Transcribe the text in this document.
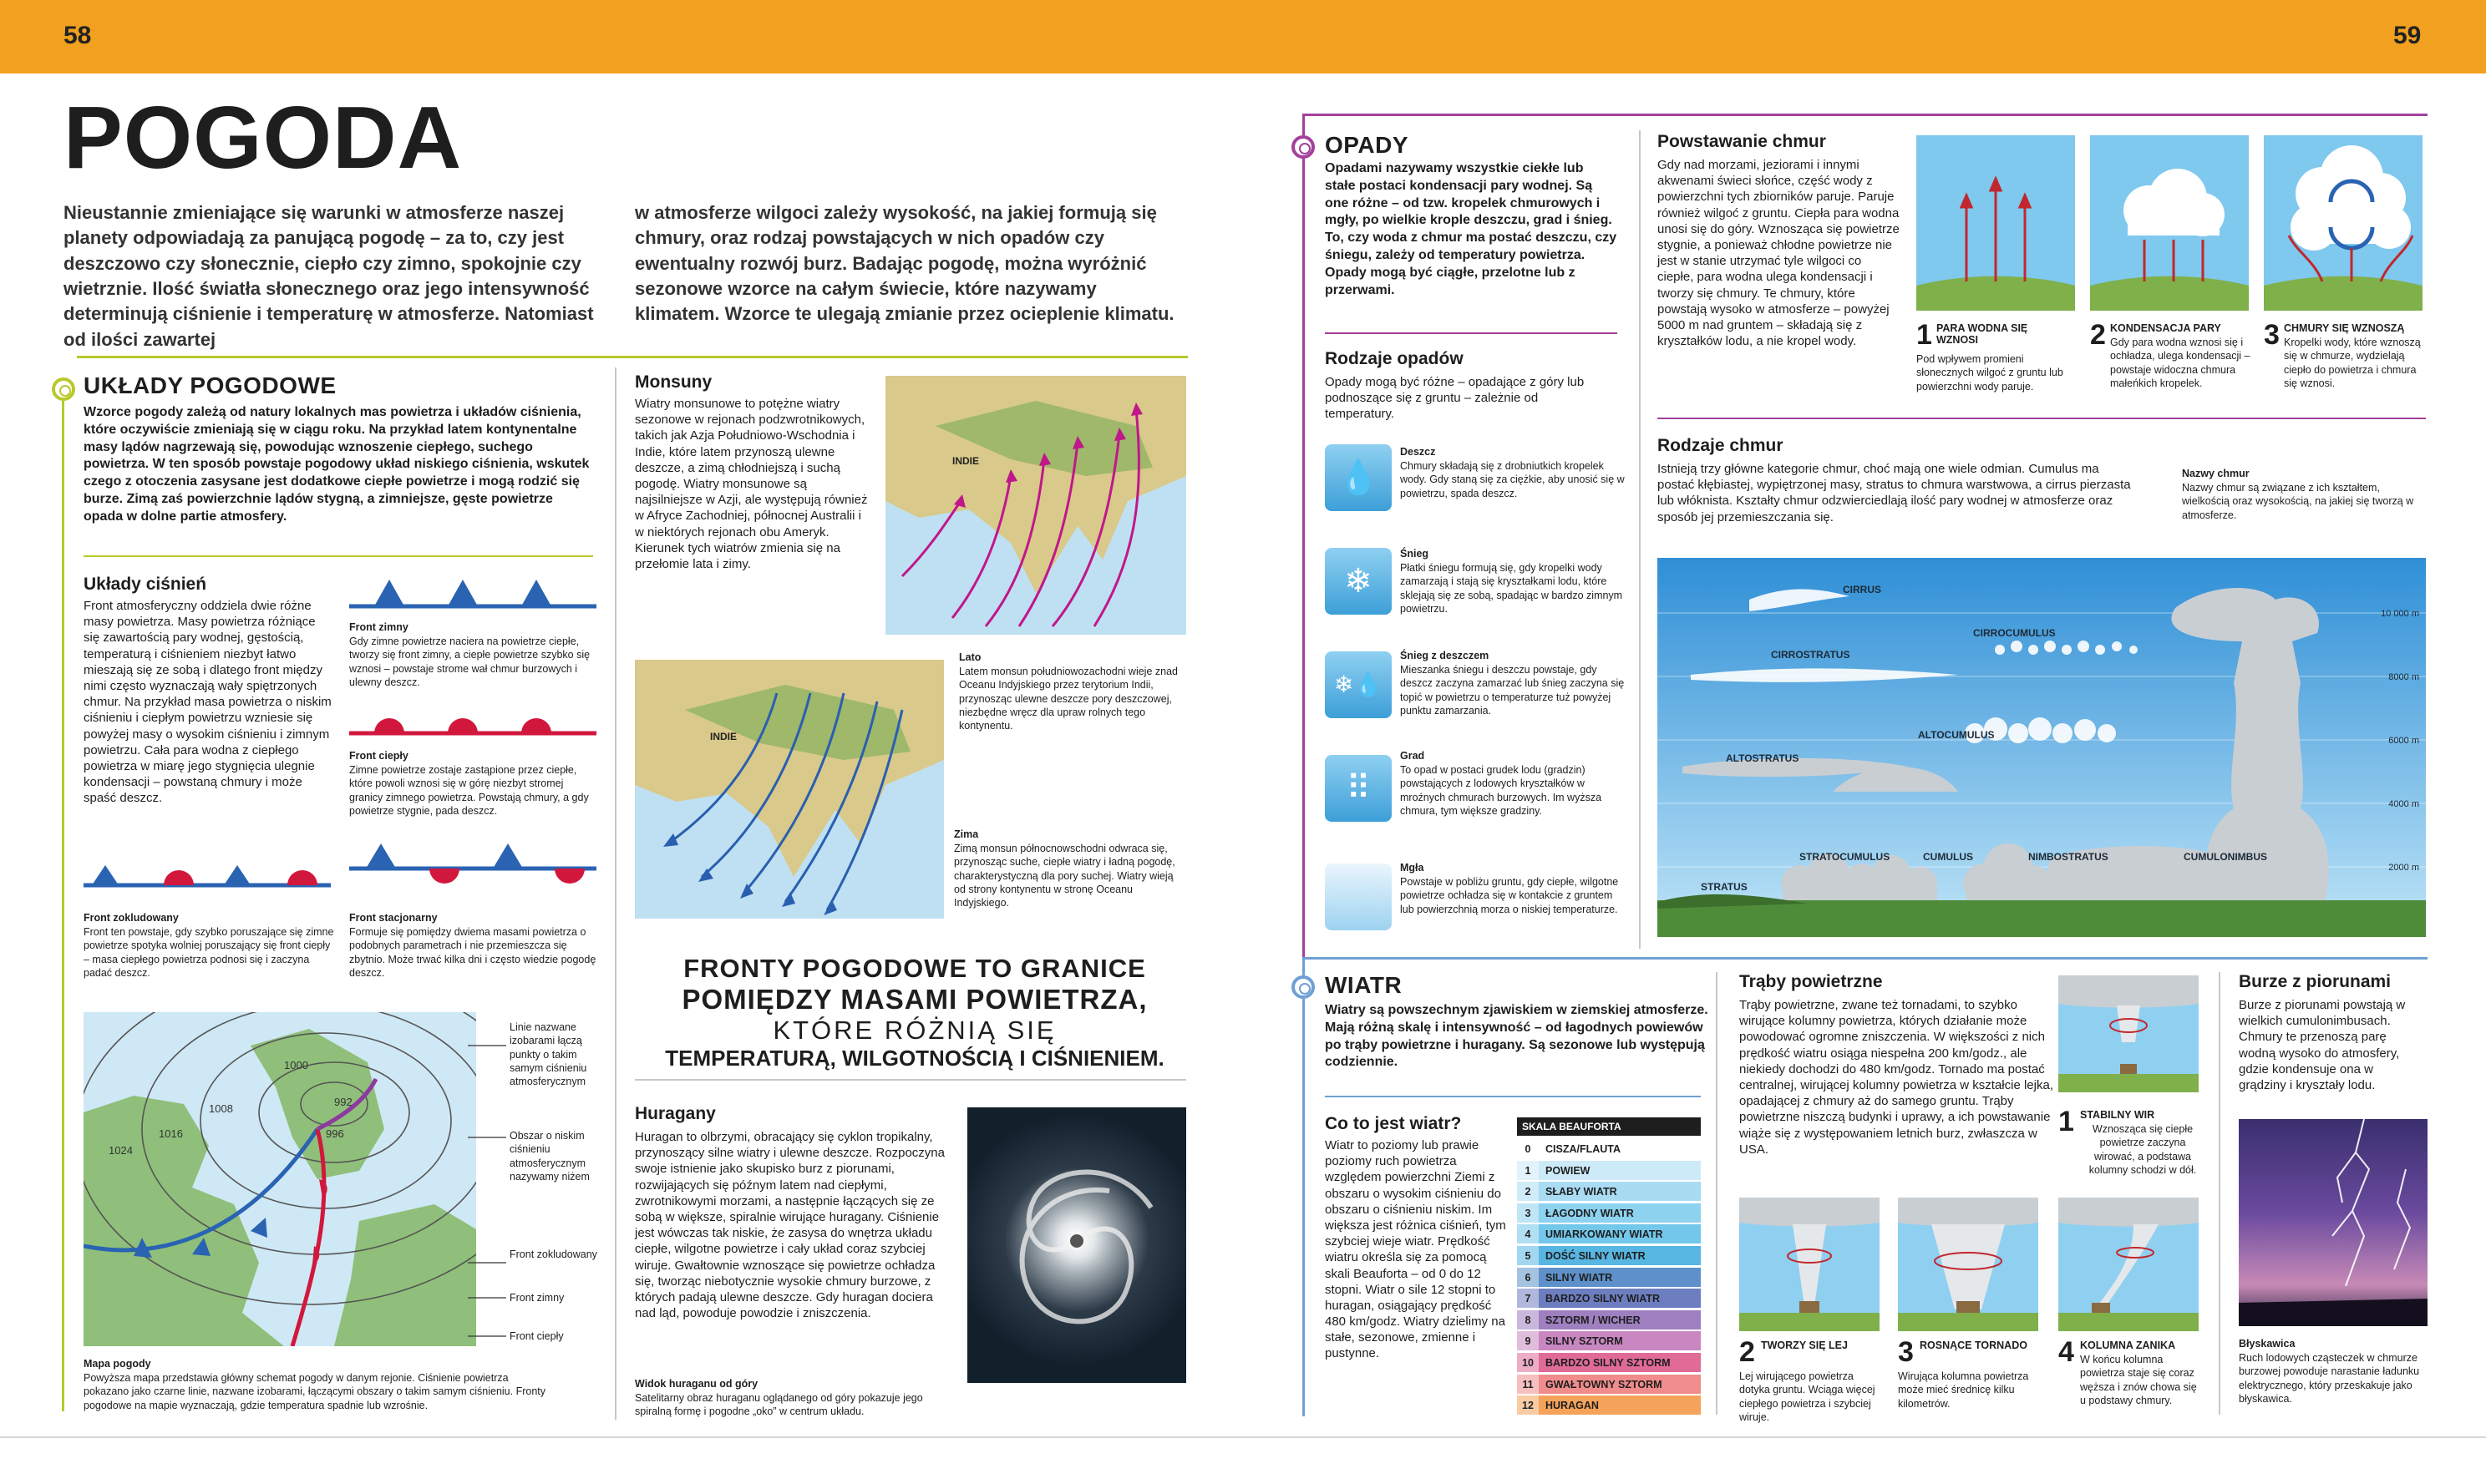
58	59
POGODA
Nieustannie zmieniające się warunki w atmosferze naszej planety odpowiadają za panującą pogodę – za to, czy jest deszczowo czy słonecznie, ciepło czy zimno, spokojnie czy wietrznie. Ilość światła słonecznego oraz jego intensywność determinują ciśnienie i temperaturę w atmosferze. Natomiast od ilości zawartej
w atmosferze wilgoci zależy wysokość, na jakiej formują się chmury, oraz rodzaj powstających w nich opadów czy ewentualny rozwój burz. Badając pogodę, można wyróżnić sezonowe wzorce na całym świecie, które nazywamy klimatem. Wzorce te ulegają zmianie przez ocieplenie klimatu.
UKŁADY POGODOWE
Wzorce pogody zależą od natury lokalnych mas powietrza i układów ciśnienia, które oczywiście zmieniają się w ciągu roku. Na przykład latem kontynentalne masy lądów nagrzewają się, powodując wznoszenie ciepłego, suchego powietrza. W ten sposób powstaje pogodowy układ niskiego ciśnienia, wskutek czego z otoczenia zasysane jest dodatkowe ciepłe powietrze i mogą rodzić się burze. Zimą zaś powierzchnie lądów stygną, a zimniejsze, gęste powietrze opada w dolne partie atmosfery.
Układy ciśnień
Front atmosferyczny oddziela dwie różne masy powietrza. Masy powietrza różniące się zawartością pary wodnej, gęstością, temperaturą i ciśnieniem niezbyt łatwo mieszają się ze sobą i dlatego front między nimi często wyznaczają wały spiętrzonych chmur. Na przykład masa powietrza o niskim ciśnieniu i ciepłym powietrzu wzniesie się powyżej masy o wysokim ciśnieniu i zimnym powietrzu. Cała para wodna z ciepłego powietrza w miarę jego stygnięcia ulegnie kondensacji – powstaną chmury i może spaść deszcz.
Front zimny
Gdy zimne powietrze naciera na powietrze ciepłe, tworzy się front zimny, a ciepłe powietrze szybko się wznosi – powstaje strome wał chmur burzowych i ulewny deszcz.
Front ciepły
Zimne powietrze zostaje zastąpione przez ciepłe, które powoli wznosi się w górę niezbyt stromej granicy zimnego powietrza. Powstają chmury, a gdy powietrze stygnie, pada deszcz.
Front zokludowany
Front ten powstaje, gdy szybko poruszające się zimne powietrze spotyka wolniej poruszający się front ciepły – masa ciepłego powietrza podnosi się i zaczyna padać deszcz.
Front stacjonarny
Formuje się pomiędzy dwiema masami powietrza o podobnych parametrach i nie przemieszcza się zbytnio. Może trwać kilka dni i często wiedzie pogodę deszcz.
992
1000
1008
1016
1024
996
Linie nazwane izobarami łączą punkty o takim samym ciśnieniu atmosferycznym
Obszar o niskim ciśnieniu atmosferycznym nazywamy niżem
Front zokludowany
Front zimny
Front ciepły
Mapa pogody
Powyższa mapa przedstawia główny schemat pogody w danym rejonie. Ciśnienie powietrza pokazano jako czarne linie, nazwane izobarami, łączącymi obszary o takim samym ciśnieniu. Fronty pogodowe na mapie wyznaczają, gdzie temperatura spadnie lub wzrośnie.
Monsuny
Wiatry monsunowe to potężne wiatry sezonowe w rejonach podzwrotnikowych, takich jak Azja Południowo-Wschodnia i Indie, które latem przynoszą ulewne deszcze, a zimą chłodniejszą i suchą pogodę. Wiatry monsunowe są najsilniejsze w Azji, ale występują również w Afryce Zachodniej, północnej Australii i w niektórych rejonach obu Ameryk. Kierunek tych wiatrów zmienia się na przełomie lata i zimy.
INDIE
Lato
Latem monsun południowozachodni wieje znad Oceanu Indyjskiego przez terytorium Indii, przynosząc ulewne deszcze pory deszczowej, niezbędne wręcz dla upraw rolnych tego kontynentu.
INDIE
Zima
Zimą monsun północnowschodni odwraca się, przynosząc suche, ciepłe wiatry i ładną pogodę, charakterystyczną dla pory suchej. Wiatry wieją od strony kontynentu w stronę Oceanu Indyjskiego.
FRONTY POGODOWE TO GRANICE
POMIĘDZY MASAMI POWIETRZA,
KTÓRE RÓŻNIĄ SIĘ
TEMPERATURĄ, WILGOTNOŚCIĄ I CIŚNIENIEM.
Huragany
Huragan to olbrzymi, obracający się cyklon tropikalny, przynoszący silne wiatry i ulewne deszcze. Rozpoczyna swoje istnienie jako skupisko burz z piorunami, rozwijających się późnym latem nad ciepłymi, zwrotnikowymi morzami, a następnie łączących się ze sobą w większe, spiralnie wirujące huragany. Ciśnienie jest wówczas tak niskie, że zasysa do wnętrza układu ciepłe, wilgotne powietrze i cały układ coraz szybciej wiruje. Gwałtownie wznoszące się powietrze ochładza się, tworząc niebotycznie wysokie chmury burzowe, z których padają ulewne deszcze. Gdy huragan dociera nad ląd, powoduje powodzie i zniszczenia.
Widok huraganu od góry
Satelitarny obraz huraganu oglądanego od góry pokazuje jego spiralną formę i pogodne „oko” w centrum układu.
OPADY
Opadami nazywamy wszystkie ciekłe lub stałe postaci kondensacji pary wodnej. Są one różne – od tzw. kropelek chmurowych i mgły, po wielkie krople deszczu, grad i śnieg. To, czy woda z chmur ma postać deszczu, czy śniegu, zależy od temperatury powietrza. Opady mogą być ciągłe, przelotne lub z przerwami.
Rodzaje opadów
Opady mogą być różne – opadające z góry lub podnoszące się z gruntu – zależnie od temperatury.
💧
Deszcz
Chmury składają się z drobniutkich kropelek wody. Gdy staną się za ciężkie, aby unosić się w powietrzu, spada deszcz.
❄
Śnieg
Płatki śniegu formują się, gdy kropelki wody zamarzają i stają się kryształkami lodu, które sklejają się ze sobą, spadając w bardzo zimnym powietrzu.
❄💧
Śnieg z deszczem
Mieszanka śniegu i deszczu powstaje, gdy deszcz zaczyna zamarzać lub śnieg zaczyna się topić w powietrzu o temperaturze tuż powyżej punktu zamarzania.
⠿
Grad
To opad w postaci grudek lodu (gradzin) powstających z lodowych kryształków w mroźnych chmurach burzowych. Im wyższa chmura, tym większe gradziny.
Mgła
Powstaje w pobliżu gruntu, gdy ciepłe, wilgotne powietrze ochładza się w kontakcie z gruntem lub powierzchnią morza o niskiej temperaturze.
Powstawanie chmur
Gdy nad morzami, jeziorami i innymi akwenami świeci słońce, część wody z powierzchni tych zbiorników paruje. Paruje również wilgoć z gruntu. Ciepła para wodna unosi się do góry. Wznosząca się powietrze stygnie, a ponieważ chłodne powietrze nie jest w stanie utrzymać tyle wilgoci co ciepłe, para wodna ulega kondensacji i tworzy się chmury. Te chmury, które powstają wysoko w atmosferze – powyżej 5000 m nad gruntem – składają się z kryształków lodu, a nie kropel wody.	1 PARA WODNA SIĘ WZNOSI
Pod wpływem promieni słonecznych wilgoć z gruntu lub powierzchni wody paruje.
2 KONDENSACJA PARY
Gdy para wodna wznosi się i ochładza, ulega kondensacji – powstaje widoczna chmura małeńkich kropelek.
3 CHMURY SIĘ WZNOSZĄ
Kropelki wody, które wznoszą się w chmurze, wydzielają ciepło do powietrza i chmura się wznosi.
Rodzaje chmur
Istnieją trzy główne kategorie chmur, choć mają one wiele odmian. Cumulus ma postać kłębiastej, wypiętrzonej masy, stratus to chmura warstwowa, a cirrus pierzasta lub włóknista. Kształty chmur odzwierciedlają ilość pary wodnej w atmosferze oraz sposób jej przemieszczania się.
Nazwy chmur
Nazwy chmur są związane z ich kształtem, wielkością oraz wysokością, na jakiej się tworzą w atmosferze.
CIRRUS
CIRROCUMULUS
CIRROSTRATUS
ALTOCUMULUS
ALTOSTRATUS
STRATOCUMULUS	CUMULUS	NIMBOSTRATUS	CUMULONIMBUS
STRATUS
10 000 m
8000 m
6000 m
4000 m
2000 m
WIATR
Wiatry są powszechnym zjawiskiem w ziemskiej atmosferze. Mają różną skalę i intensywność – od łagodnych powiewów po trąby powietrzne i huragany. Są sezonowe lub występują codziennie.
Co to jest wiatr?
Wiatr to poziomy lub prawie poziomy ruch powietrza względem powierzchni Ziemi z obszaru o wysokim ciśnieniu do obszaru o ciśnieniu niskim. Im większa jest różnica ciśnień, tym szybciej wieje wiatr. Prędkość wiatru określa się za pomocą skali Beauforta – od 0 do 12 stopni. Wiatr o sile 12 stopni to huragan, osiągający prędkość 480 km/godz. Wiatry dzielimy na stałe, sezonowe, zmienne i pustynne.
SKALA BEAUFORTA
0 CISZA/FLAUTA
1 POWIEW
2 SŁABY WIATR
3 ŁAGODNY WIATR
4 UMIARKOWANY WIATR
5 DOŚĆ SILNY WIATR
6 SILNY WIATR
7 BARDZO SILNY WIATR
8 SZTORM / WICHER
9 SILNY SZTORM
10 BARDZO SILNY SZTORM
11 GWAŁTOWNY SZTORM
12 HURAGAN
Trąby powietrzne
Trąby powietrzne, zwane też tornadami, to szybko wirujące kolumny powietrza, których działanie może powodować ogromne zniszczenia. W większości z nich prędkość wiatru osiąga niespełna 200 km/godz., ale niekiedy dochodzi do 480 km/godz. Tornado ma postać centralnej, wirującej kolumny powietrza w kształcie lejka, opadającej z chmury aż do samego gruntu. Trąby powietrzne niszczą budynki i uprawy, a ich powstawanie wiąże się z występowaniem letnich burz, zwłaszcza w USA.
1 STABILNY WIR
Wznosząca się ciepłe powietrze zaczyna wirować, a podstawa kolumny schodzi w dół.
2 TWORZY SIĘ LEJ
Lej wirującego powietrza dotyka gruntu. Wciąga więcej ciepłego powietrza i szybciej wiruje.
3 ROSNĄCE TORNADO
Wirująca kolumna powietrza może mieć średnicę kilku kilometrów.
4 KOLUMNA ZANIKA
W końcu kolumna powietrza staje się coraz węższa i znów chowa się u podstawy chmury.
Burze z piorunami
Burze z piorunami powstają w wielkich cumulonimbusach. Chmury te przenoszą parę wodną wysoko do atmosfery, gdzie kondensuje ona w grądziny i kryształy lodu.
Błyskawica
Ruch lodowych cząsteczek w chmurze burzowej powoduje narastanie ładunku elektrycznego, który przeskakuje jako błyskawica.
